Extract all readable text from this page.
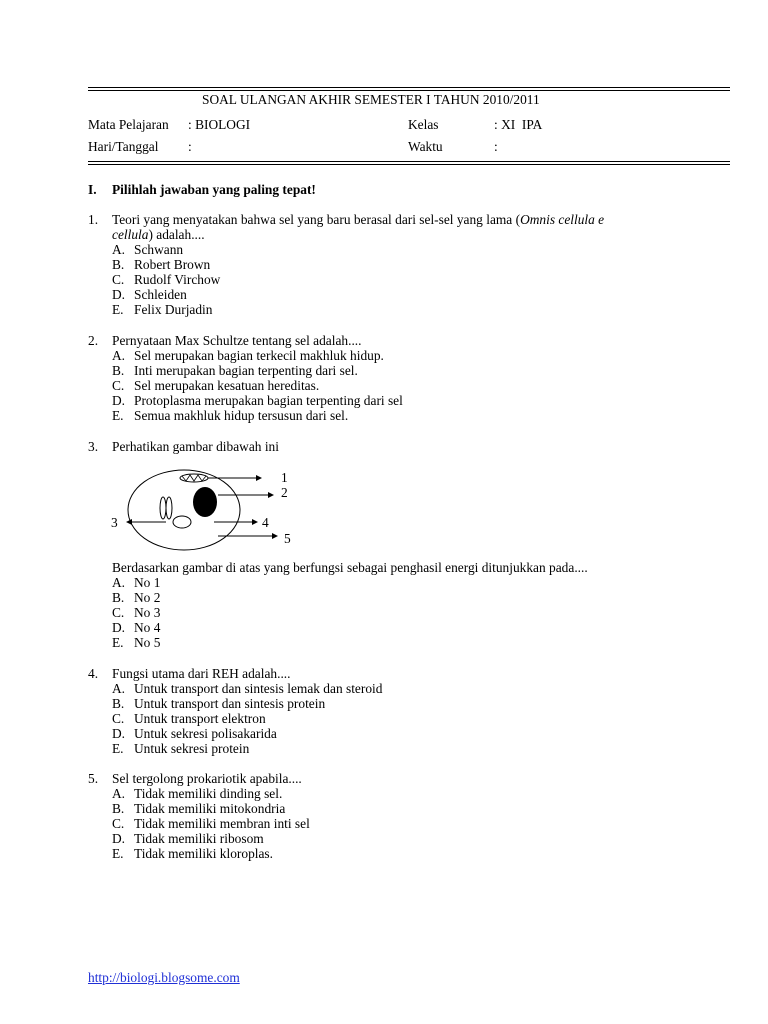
SOAL ULANGAN AKHIR SEMESTER I TAHUN 2010/2011
Mata Pelajaran : BIOLOGI	Kelas	: XI  IPA
Hari/Tanggal :	Waktu	:
I. Pilihlah jawaban yang paling tepat!
1. Teori yang menyatakan bahwa sel yang baru berasal dari sel-sel yang lama (Omnis cellula e
cellula) adalah....
A. Schwann
B. Robert Brown
C. Rudolf Virchow
D. Schleiden
E. Felix Durjadin
2. Pernyataan Max Schultze tentang sel adalah....
A. Sel merupakan bagian terkecil makhluk hidup.
B. Inti merupakan bagian terpenting dari sel.
C. Sel merupakan kesatuan hereditas.
D. Protoplasma merupakan bagian terpenting dari sel
E. Semua makhluk hidup tersusun dari sel.
3. Perhatikan gambar dibawah ini
1
2
3	4
5
Berdasarkan gambar di atas yang berfungsi sebagai penghasil energi ditunjukkan pada....
A. No 1
B. No 2
C. No 3
D. No 4
E. No 5
4. Fungsi utama dari REH adalah....
A. Untuk transport dan sintesis lemak dan steroid
B. Untuk transport dan sintesis protein
C. Untuk transport elektron
D. Untuk sekresi polisakarida
E. Untuk sekresi protein
5. Sel tergolong prokariotik apabila....
A. Tidak memiliki dinding sel.
B. Tidak memiliki mitokondria
C. Tidak memiliki membran inti sel
D. Tidak memiliki ribosom
E. Tidak memiliki kloroplas.
http://biologi.blogsome.com
